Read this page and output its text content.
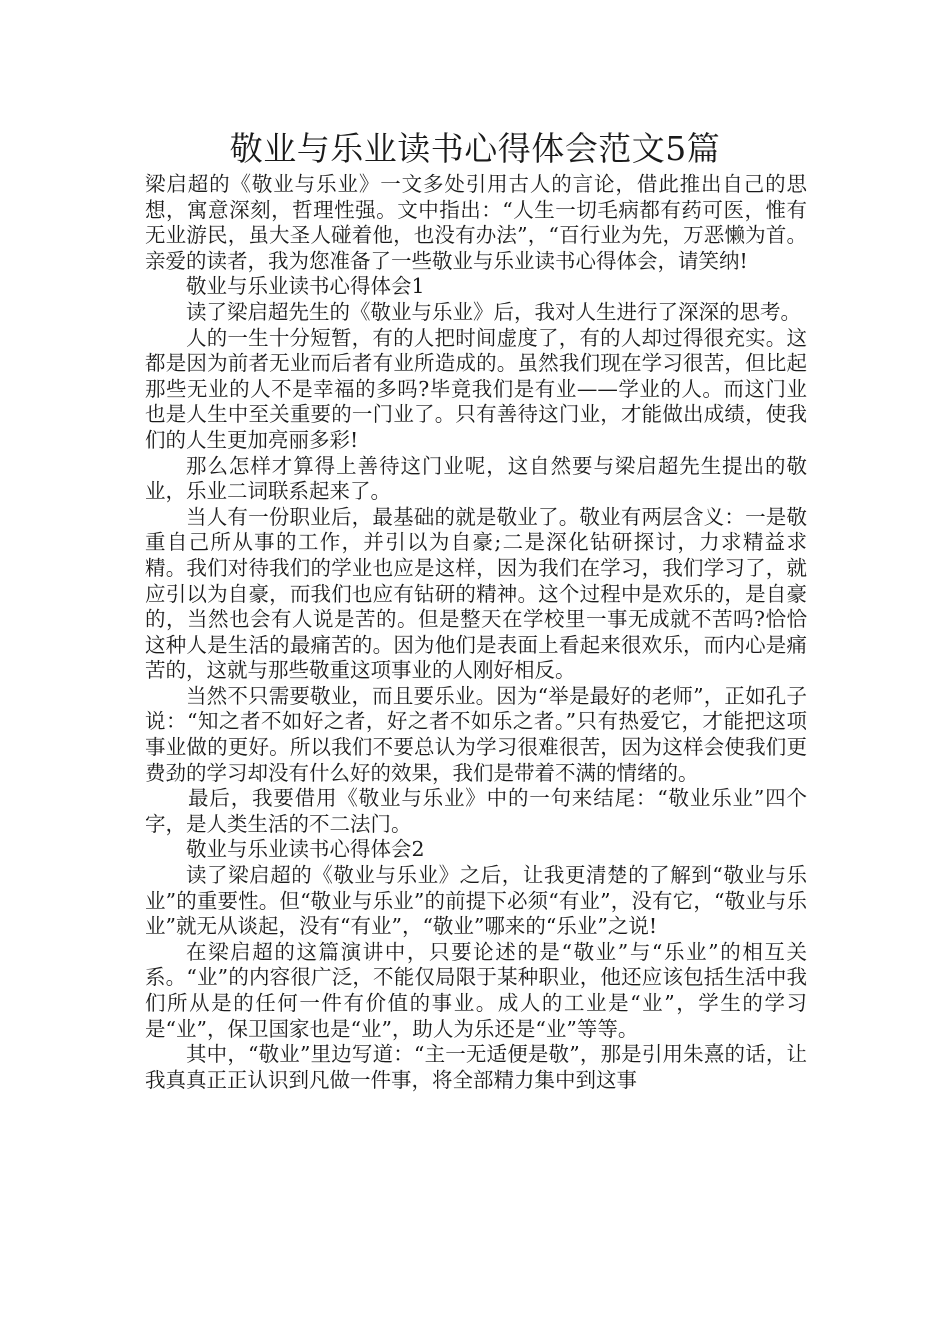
敬业与乐业读书心得体会范文5篇

梁启超的《敬业与乐业》一文多处引用古人的言论，借此推出自己的思想，寓意深刻，哲理性强。文中指出：“人生一切毛病都有药可医，惟有无业游民，虽大圣人碰着他，也没有办法”，“百行业为先，万恶懒为首。亲爱的读者，我为您准备了一些敬业与乐业读书心得体会，请笑纳!

敬业与乐业读书心得体会1

读了梁启超先生的《敬业与乐业》后，我对人生进行了深深的思考。

人的一生十分短暂，有的人把时间虚度了，有的人却过得很充实。这都是因为前者无业而后者有业所造成的。虽然我们现在学习很苦，但比起那些无业的人不是幸福的多吗?毕竟我们是有业——学业的人。而这门业也是人生中至关重要的一门业了。只有善待这门业，才能做出成绩，使我们的人生更加亮丽多彩!

那么怎样才算得上善待这门业呢，这自然要与梁启超先生提出的敬业，乐业二词联系起来了。

当人有一份职业后，最基础的就是敬业了。敬业有两层含义：一是敬重自己所从事的工作，并引以为自豪;二是深化钻研探讨，力求精益求精。我们对待我们的学业也应是这样，因为我们在学习，我们学习了，就应引以为自豪，而我们也应有钻研的精神。这个过程中是欢乐的，是自豪的，当然也会有人说是苦的。但是整天在学校里一事无成就不苦吗?恰恰这种人是生活的最痛苦的。因为他们是表面上看起来很欢乐，而内心是痛苦的，这就与那些敬重这项事业的人刚好相反。

当然不只需要敬业，而且要乐业。因为“举是最好的老师”，正如孔子说：“知之者不如好之者，好之者不如乐之者。”只有热爱它，才能把这项事业做的更好。所以我们不要总认为学习很难很苦，因为这样会使我们更费劲的学习却没有什么好的效果，我们是带着不满的情绪的。

最后，我要借用《敬业与乐业》中的一句来结尾：“敬业乐业”四个字，是人类生活的不二法门。

敬业与乐业读书心得体会2

读了梁启超的《敬业与乐业》之后，让我更清楚的了解到“敬业与乐业”的重要性。但“敬业与乐业”的前提下必须“有业”，没有它，“敬业与乐业”就无从谈起，没有“有业”，“敬业”哪来的“乐业”之说!

在梁启超的这篇演讲中，只要论述的是“敬业”与“乐业”的相互关系。“业”的内容很广泛，不能仅局限于某种职业，他还应该包括生活中我们所从是的任何一件有价值的事业。成人的工业是“业”，学生的学习是“业”，保卫国家也是“业”，助人为乐还是“业”等等。

其中，“敬业”里边写道：“主一无适便是敬”，那是引用朱熹的话，让我真真正正认识到凡做一件事，将全部精力集中到这事
